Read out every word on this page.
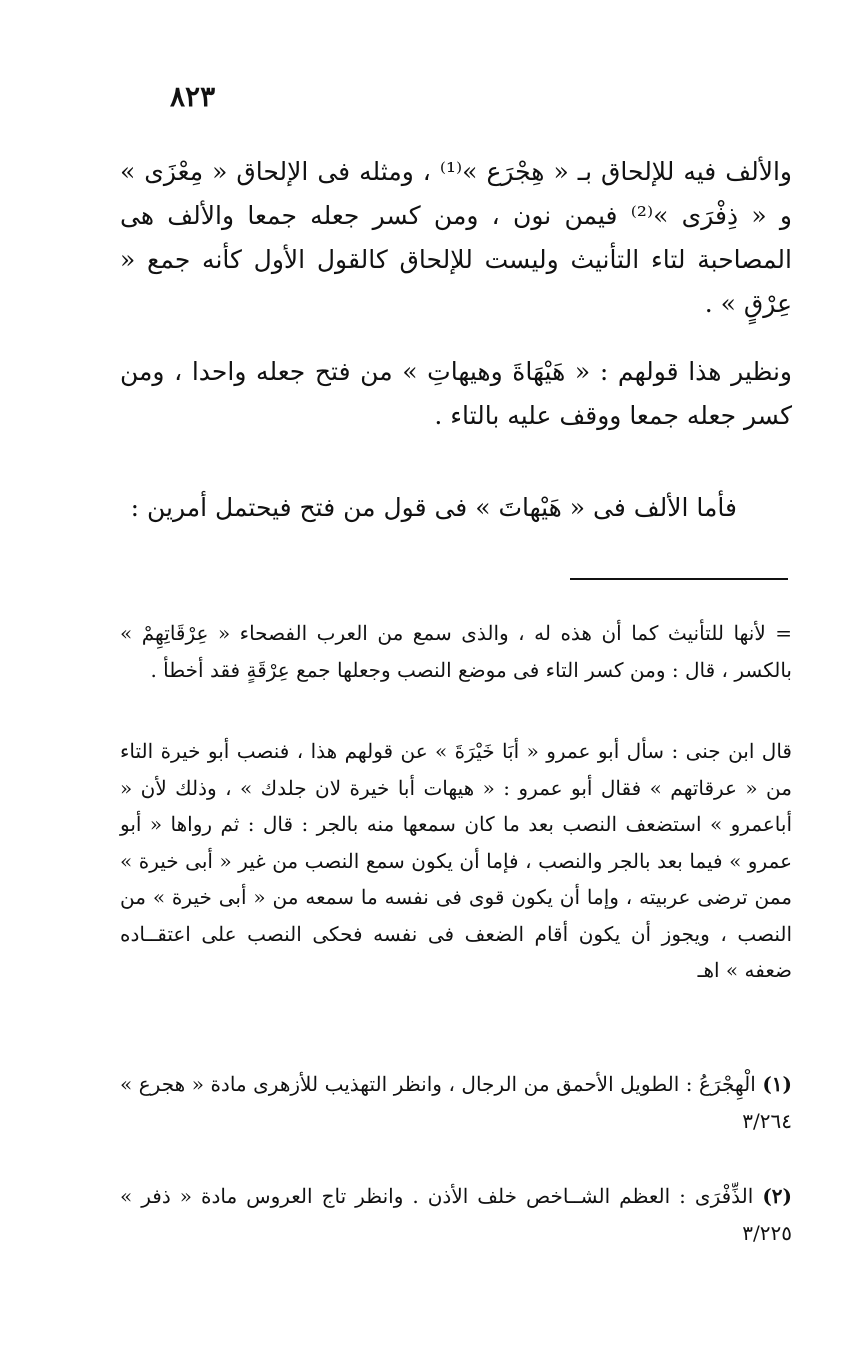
٨٢٣

والألف فيه للإلحاق بـ « هِجْرَع »⁽¹⁾ ، ومثله فى الإلحاق « مِعْزَى » و « ذِفْرَى »⁽²⁾ فيمن نون ، ومن كسر جعله جمعا والألف هى المصاحبة لتاء التأنيث وليست للإلحاق كالقول الأول كأنه جمع « عِرْقٍ » .

ونظير هذا قولهم : « هَيْهَاةَ وهيهاتِ » من فتح جعله واحدا ، ومن كسر جعله جمعا ووقف عليه بالتاء .

فأما الألف فى « هَيْهاتَ » فى قول من فتح فيحتمل أمرين :

= لأنها للتأنيث كما أن هذه له ، والذى سمع من العرب الفصحاء « عِرْقَاتِهِمْ » بالكسر ، قال : ومن كسر التاء فى موضع النصب وجعلها جمع عِرْقَةٍ فقد أخطأ .

قال ابن جنى : سأل أبو عمرو « أبَا خَيْرَةَ » عن قولهم هذا ، فنصب أبو خيرة التاء من « عرقاتهم » فقال أبو عمرو : « هيهات أبا خيرة لان جلدك » ، وذلك لأن « أباعمرو » استضعف النصب بعد ما كان سمعها منه بالجر : قال : ثم رواها « أبو عمرو » فيما بعد بالجر والنصب ، فإما أن يكون سمع النصب من غير « أبى خيرة » ممن ترضى عربيته ، وإما أن يكون قوى فى نفسه ما سمعه من « أبى خيرة » من النصب ، ويجوز أن يكون أقام الضعف فى نفسه فحكى النصب على اعتقــاده ضعفه » اهـ

(١) الْهِجْرَعُ : الطويل الأحمق من الرجال ، وانظر التهذيب للأزهرى مادة « هجرع » ٣/٢٦٤

(٢) الذِّفْرَى : العظم الشــاخص خلف الأذن . وانظر تاج العروس مادة « ذفر » ٣/٢٢٥
